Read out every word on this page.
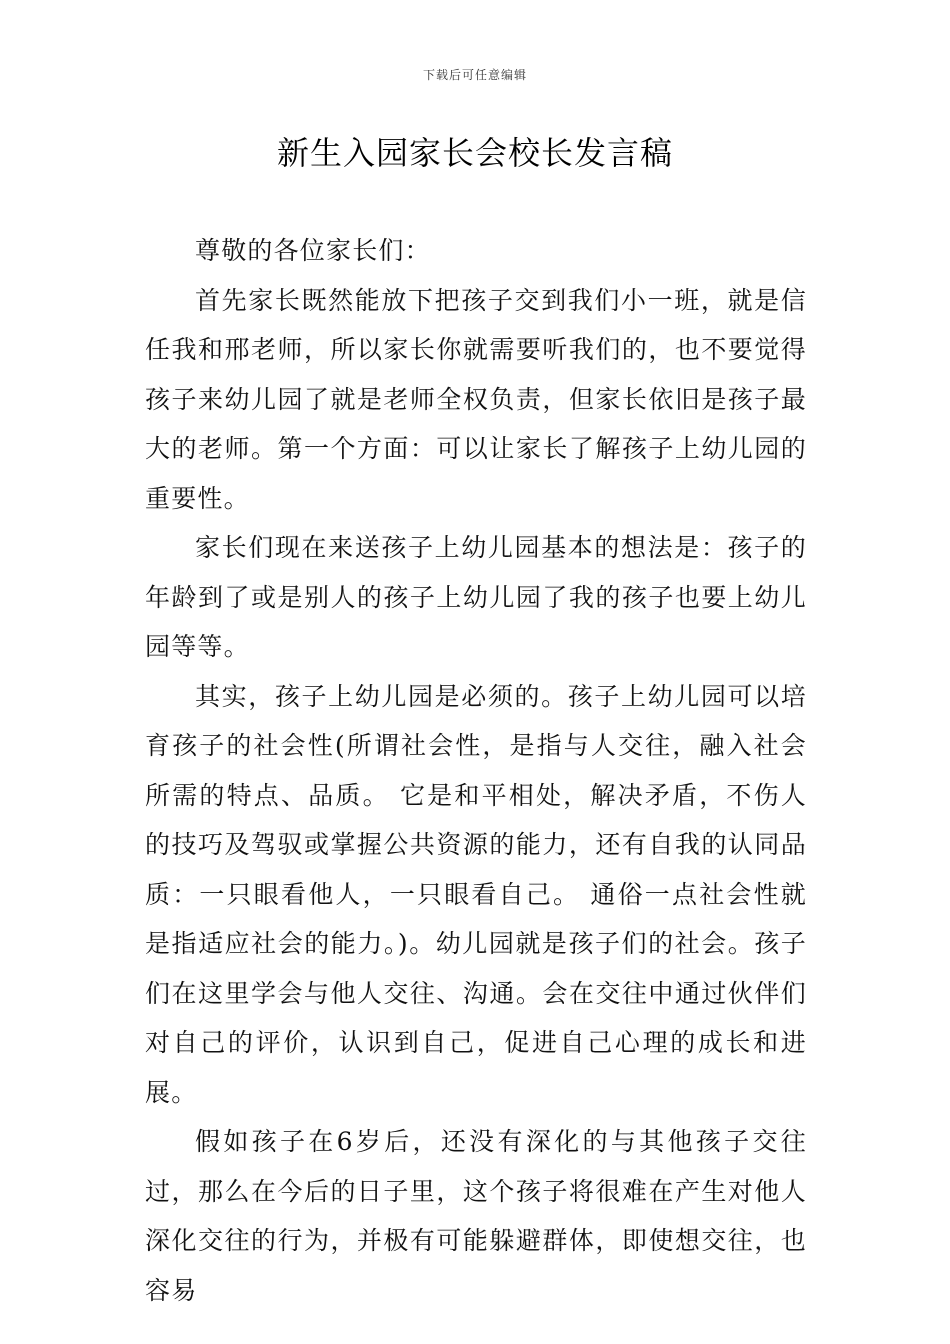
下载后可任意编辑
新生入园家长会校长发言稿

尊敬的各位家长们：

首先家长既然能放下把孩子交到我们小一班，就是信任我和邢老师，所以家长你就需要听我们的，也不要觉得孩子来幼儿园了就是老师全权负责，但家长依旧是孩子最大的老师。第一个方面：可以让家长了解孩子上幼儿园的重要性。

家长们现在来送孩子上幼儿园基本的想法是：孩子的年龄到了或是别人的孩子上幼儿园了我的孩子也要上幼儿园等等。

其实，孩子上幼儿园是必须的。孩子上幼儿园可以培育孩子的社会性(所谓社会性，是指与人交往，融入社会所需的特点、品质。 它是和平相处，解决矛盾，不伤人的技巧及驾驭或掌握公共资源的能力，还有自我的认同品质：一只眼看他人，一只眼看自己。 通俗一点社会性就是指适应社会的能力。)。幼儿园就是孩子们的社会。孩子们在这里学会与他人交往、沟通。会在交往中通过伙伴们对自己的评价，认识到自己，促进自己心理的成长和进展。

假如孩子在6岁后，还没有深化的与其他孩子交往过，那么在今后的日子里，这个孩子将很难在产生对他人深化交往的行为，并极有可能躲避群体，即使想交往，也容易
